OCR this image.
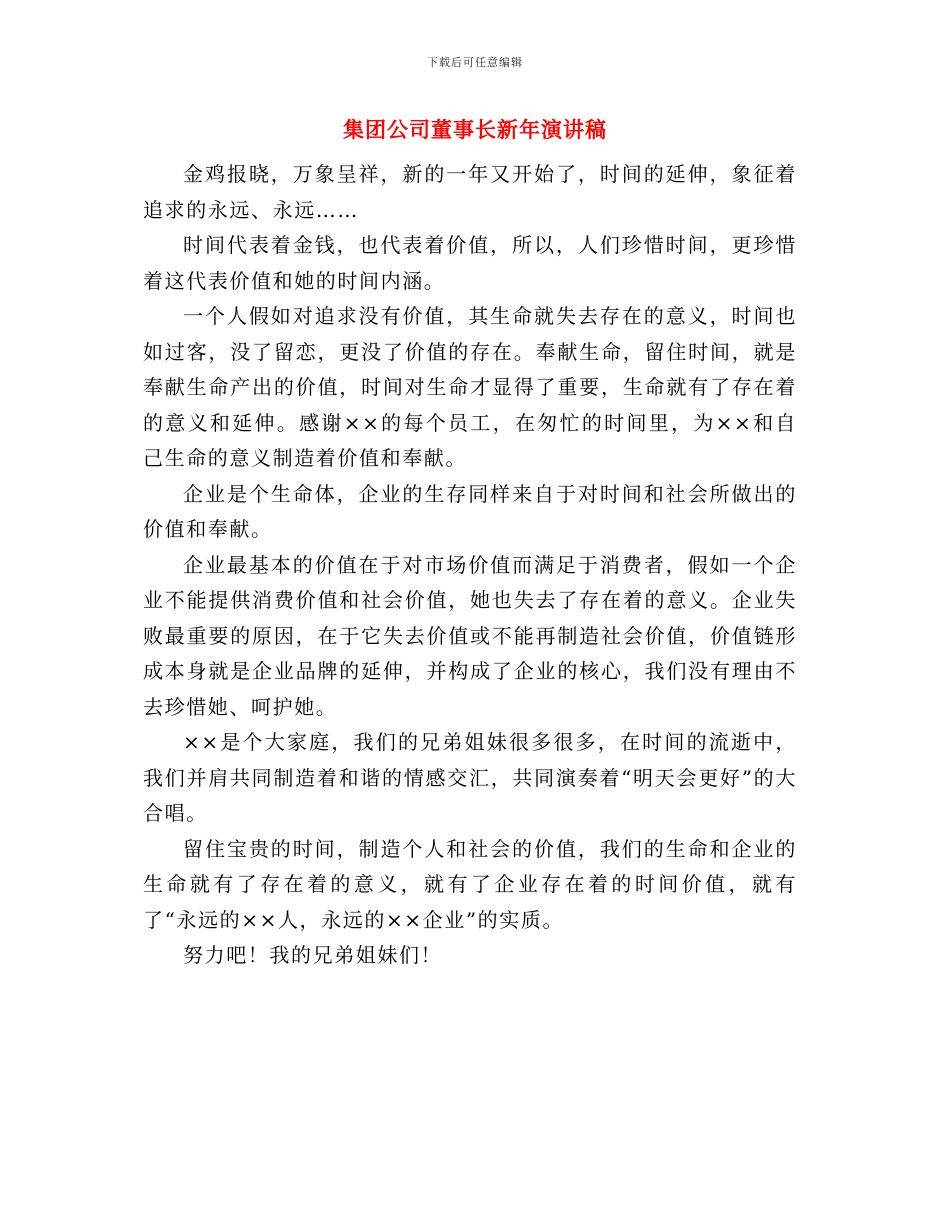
下载后可任意编辑
集团公司董事长新年演讲稿

金鸡报晓，万象呈祥，新的一年又开始了，时间的延伸，象征着追求的永远、永远……

时间代表着金钱，也代表着价值，所以，人们珍惜时间，更珍惜着这代表价值和她的时间内涵。

一个人假如对追求没有价值，其生命就失去存在的意义，时间也如过客，没了留恋，更没了价值的存在。奉献生命，留住时间，就是奉献生命产出的价值，时间对生命才显得了重要，生命就有了存在着的意义和延伸。感谢××的每个员工，在匆忙的时间里，为××和自己生命的意义制造着价值和奉献。

企业是个生命体，企业的生存同样来自于对时间和社会所做出的价值和奉献。

企业最基本的价值在于对市场价值而满足于消费者，假如一个企业不能提供消费价值和社会价值，她也失去了存在着的意义。企业失败最重要的原因，在于它失去价值或不能再制造社会价值，价值链形成本身就是企业品牌的延伸，并构成了企业的核心，我们没有理由不去珍惜她、呵护她。

××是个大家庭，我们的兄弟姐妹很多很多，在时间的流逝中，我们并肩共同制造着和谐的情感交汇，共同演奏着“明天会更好”的大合唱。

留住宝贵的时间，制造个人和社会的价值，我们的生命和企业的生命就有了存在着的意义，就有了企业存在着的时间价值，就有了“永远的××人，永远的××企业”的实质。

努力吧！我的兄弟姐妹们！
